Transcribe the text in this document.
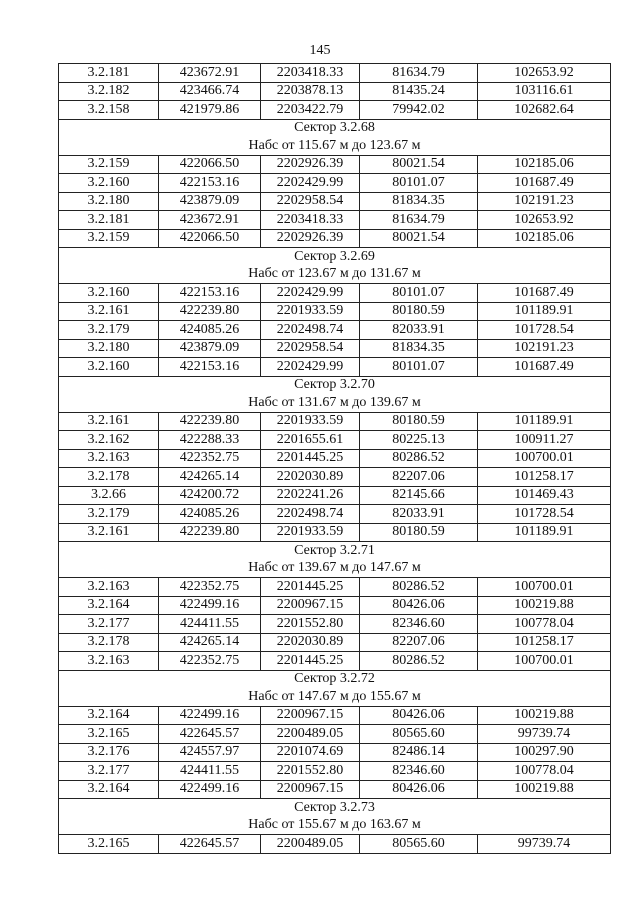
145
3.2.181	423672.91	2203418.33	81634.79	102653.92
3.2.182	423466.74	2203878.13	81435.24	103116.61
3.2.158	421979.86	2203422.79	79942.02	102682.64
Сектор 3.2.68				
Набс от 115.67 м до 123.67 м				
3.2.159	422066.50	2202926.39	80021.54	102185.06
3.2.160	422153.16	2202429.99	80101.07	101687.49
3.2.180	423879.09	2202958.54	81834.35	102191.23
3.2.181	423672.91	2203418.33	81634.79	102653.92
3.2.159	422066.50	2202926.39	80021.54	102185.06
Сектор 3.2.69				
Набс от 123.67 м до 131.67 м				
3.2.160	422153.16	2202429.99	80101.07	101687.49
3.2.161	422239.80	2201933.59	80180.59	101189.91
3.2.179	424085.26	2202498.74	82033.91	101728.54
3.2.180	423879.09	2202958.54	81834.35	102191.23
3.2.160	422153.16	2202429.99	80101.07	101687.49
Сектор 3.2.70				
Набс от 131.67 м до 139.67 м				
3.2.161	422239.80	2201933.59	80180.59	101189.91
3.2.162	422288.33	2201655.61	80225.13	100911.27
3.2.163	422352.75	2201445.25	80286.52	100700.01
3.2.178	424265.14	2202030.89	82207.06	101258.17
3.2.66	424200.72	2202241.26	82145.66	101469.43
3.2.179	424085.26	2202498.74	82033.91	101728.54
3.2.161	422239.80	2201933.59	80180.59	101189.91
Сектор 3.2.71				
Набс от 139.67 м до 147.67 м				
3.2.163	422352.75	2201445.25	80286.52	100700.01
3.2.164	422499.16	2200967.15	80426.06	100219.88
3.2.177	424411.55	2201552.80	82346.60	100778.04
3.2.178	424265.14	2202030.89	82207.06	101258.17
3.2.163	422352.75	2201445.25	80286.52	100700.01
Сектор 3.2.72				
Набс от 147.67 м до 155.67 м				
3.2.164	422499.16	2200967.15	80426.06	100219.88
3.2.165	422645.57	2200489.05	80565.60	99739.74
3.2.176	424557.97	2201074.69	82486.14	100297.90
3.2.177	424411.55	2201552.80	82346.60	100778.04
3.2.164	422499.16	2200967.15	80426.06	100219.88
Сектор 3.2.73				
Набс от 155.67 м до 163.67 м				
3.2.165	422645.57	2200489.05	80565.60	99739.74
